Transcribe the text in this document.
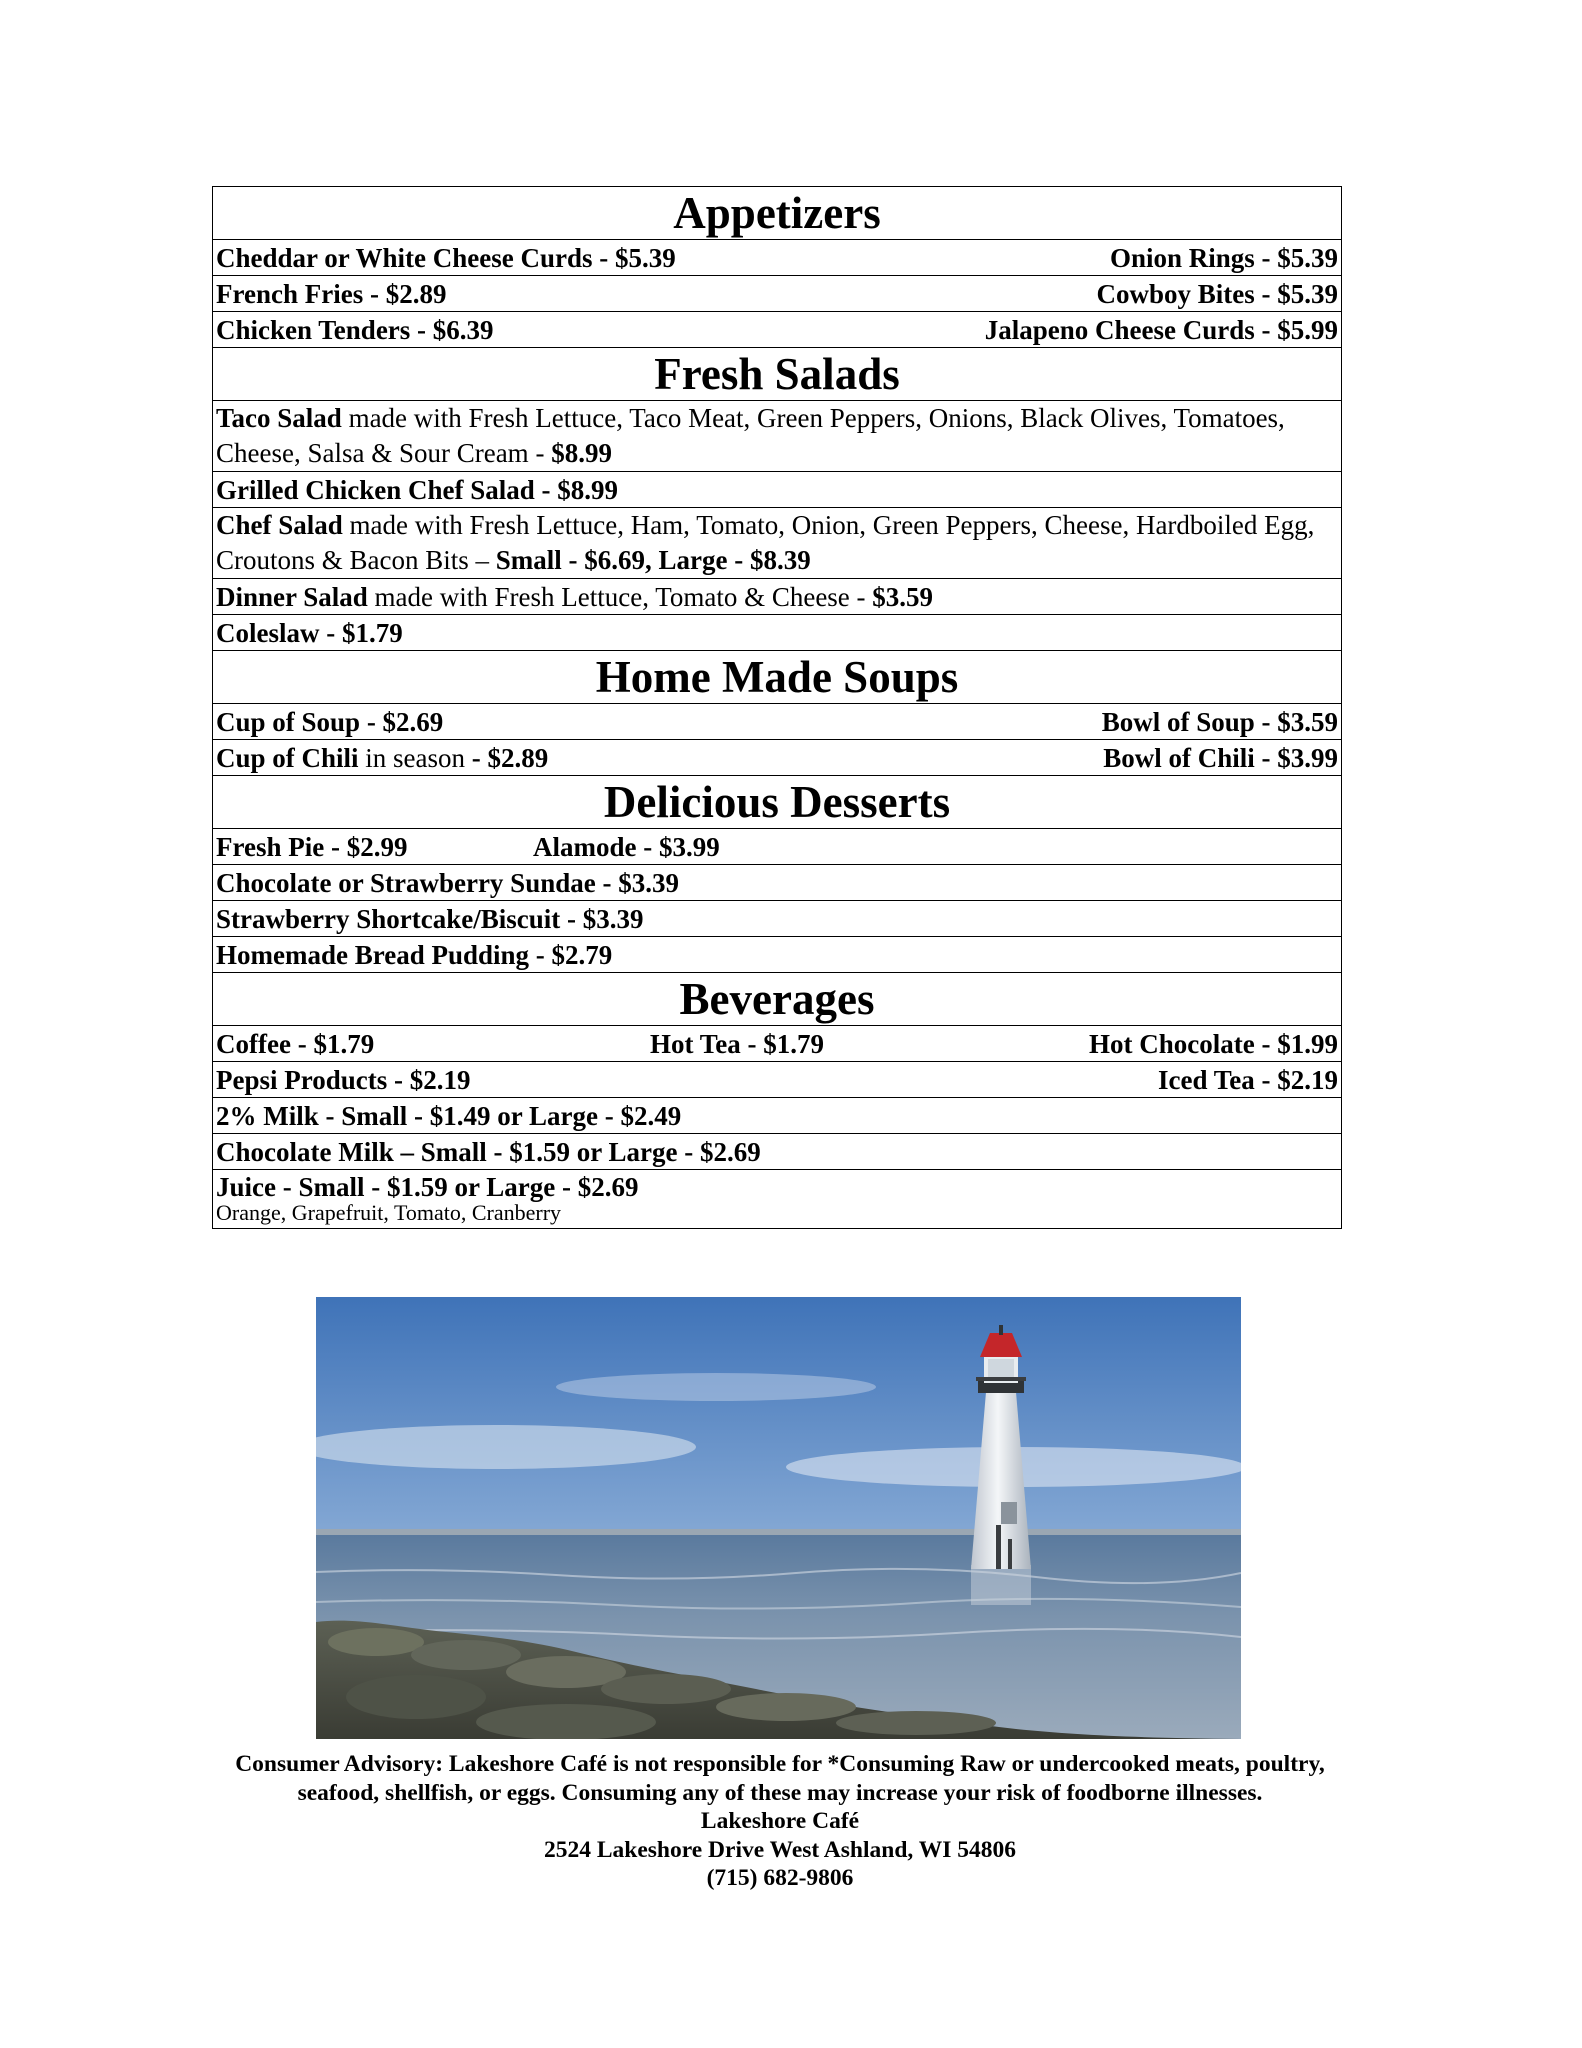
Appetizers
Cheddar or White Cheese Curds - $5.39	Onion Rings - $5.39

French Fries - $2.89	Cowboy Bites - $5.39

Chicken Tenders - $6.39	Jalapeno Cheese Curds - $5.99

Fresh Salads
Taco Salad made with Fresh Lettuce, Taco Meat, Green Peppers, Onions, Black Olives, Tomatoes, Cheese, Salsa & Sour Cream - $8.99
Grilled Chicken Chef Salad - $8.99
Chef Salad made with Fresh Lettuce, Ham, Tomato, Onion, Green Peppers, Cheese, Hardboiled Egg, Croutons & Bacon Bits – Small - $6.69, Large - $8.39
Dinner Salad made with Fresh Lettuce, Tomato & Cheese - $3.59
Coleslaw - $1.79
Home Made Soups
Cup of Soup - $2.69	Bowl of Soup - $3.59

Cup of Chili in season - $2.89	Bowl of Chili - $3.99

Delicious Desserts
Fresh Pie - $2.99	Alamode - $3.99

Chocolate or Strawberry Sundae - $3.39
Strawberry Shortcake/Biscuit - $3.39
Homemade Bread Pudding - $2.79
Beverages
Coffee - $1.79	Hot Tea - $1.79	Hot Chocolate - $1.99

Pepsi Products - $2.19	Iced Tea - $2.19

2% Milk - Small - $1.49 or Large - $2.49
Chocolate Milk – Small - $1.59 or Large - $2.69
Juice - Small - $1.59 or Large - $2.69
Orange, Grapefruit, Tomato, Cranberry
Consumer Advisory: Lakeshore Café is not responsible for *Consuming Raw or undercooked meats, poultry, seafood, shellfish, or eggs. Consuming any of these may increase your risk of foodborne illnesses.
Lakeshore Café
2524 Lakeshore Drive West Ashland, WI 54806
(715) 682-9806
